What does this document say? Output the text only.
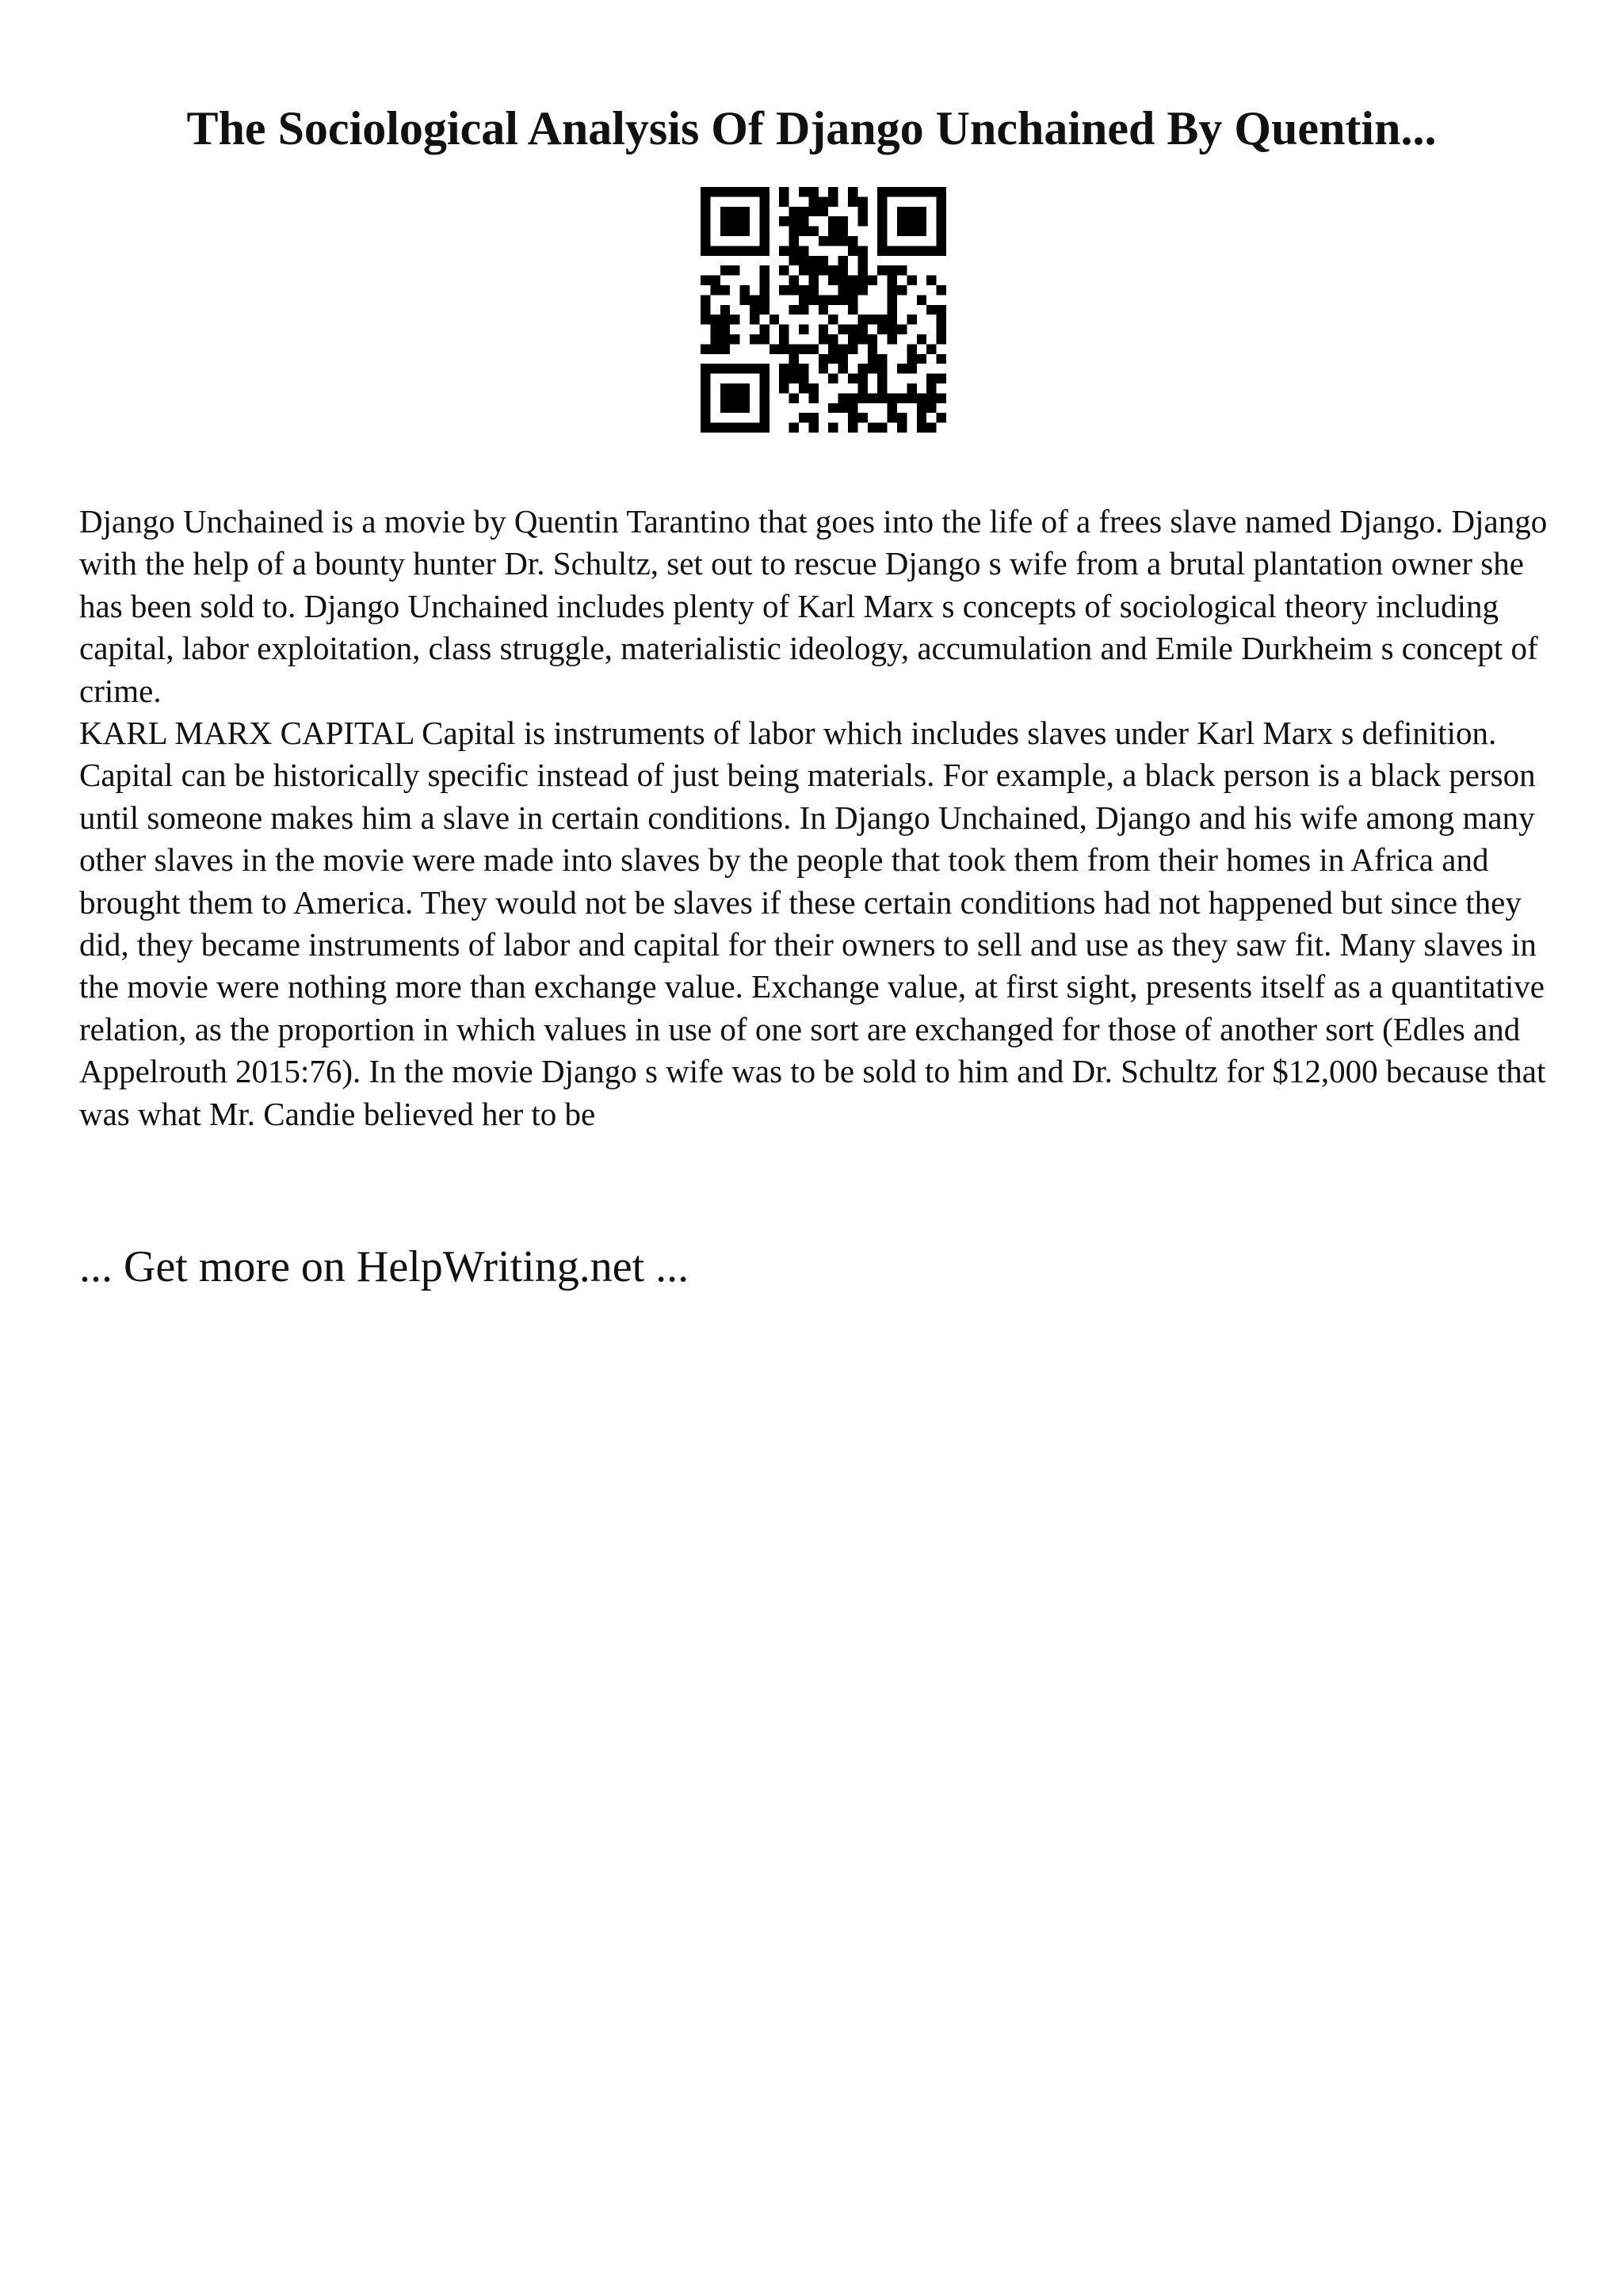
The Sociological Analysis Of Django Unchained By Quentin...

Django Unchained is a movie by Quentin Tarantino that goes into the life of a frees slave named Django. Django with the help of a bounty hunter Dr. Schultz, set out to rescue Django s wife from a brutal plantation owner she has been sold to. Django Unchained includes plenty of Karl Marx s concepts of sociological theory including capital, labor exploitation, class struggle, materialistic ideology, accumulation and Emile Durkheim s concept of crime.

KARL MARX CAPITAL Capital is instruments of labor which includes slaves under Karl Marx s definition. Capital can be historically specific instead of just being materials. For example, a black person is a black person until someone makes him a slave in certain conditions. In Django Unchained, Django and his wife among many other slaves in the movie were made into slaves by the people that took them from their homes in Africa and brought them to America. They would not be slaves if these certain conditions had not happened but since they did, they became instruments of labor and capital for their owners to sell and use as they saw fit. Many slaves in the movie were nothing more than exchange value. Exchange value, at first sight, presents itself as a quantitative relation, as the proportion in which values in use of one sort are exchanged for those of another sort (Edles and Appelrouth 2015:76). In the movie Django s wife was to be sold to him and Dr. Schultz for $12,000 because that was what Mr. Candie believed her to be

... Get more on HelpWriting.net ...
